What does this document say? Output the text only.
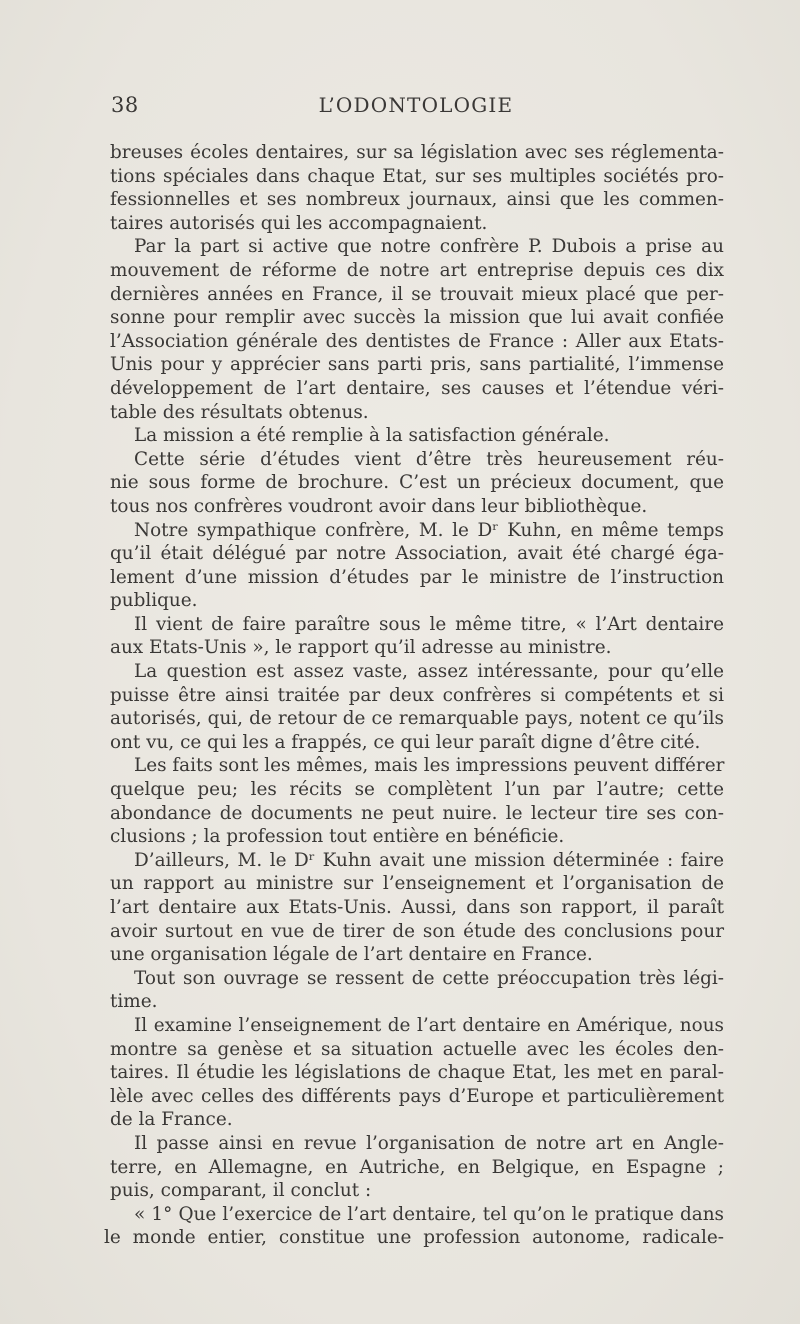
38	L’ODONTOLOGIE
breuses écoles dentaires, sur sa législation avec ses réglementa-
tions spéciales dans chaque Etat, sur ses multiples sociétés pro-
fessionnelles et ses nombreux journaux, ainsi que les commen-
taires autorisés qui les accompagnaient.
Par la part si active que notre confrère P. Dubois a prise au
mouvement de réforme de notre art entreprise depuis ces dix
dernières années en France, il se trouvait mieux placé que per-
sonne pour remplir avec succès la mission que lui avait confiée
l’Association générale des dentistes de France : Aller aux Etats-
Unis pour y apprécier sans parti pris, sans partialité, l’immense
développement de l’art dentaire, ses causes et l’étendue véri-
table des résultats obtenus.
La mission a été remplie à la satisfaction générale.
Cette série d’études vient d’être très heureusement réu-
nie sous forme de brochure. C’est un précieux document, que
tous nos confrères voudront avoir dans leur bibliothèque.
Notre sympathique confrère, M. le Dʳ Kuhn, en même temps
qu’il était délégué par notre Association, avait été chargé éga-
lement d’une mission d’études par le ministre de l’instruction
publique.
Il vient de faire paraître sous le même titre, « l’Art dentaire
aux Etats-Unis », le rapport qu’il adresse au ministre.
La question est assez vaste, assez intéressante, pour qu’elle
puisse être ainsi traitée par deux confrères si compétents et si
autorisés, qui, de retour de ce remarquable pays, notent ce qu’ils
ont vu, ce qui les a frappés, ce qui leur paraît digne d’être cité.
Les faits sont les mêmes, mais les impressions peuvent différer
quelque peu; les récits se complètent l’un par l’autre; cette
abondance de documents ne peut nuire. le lecteur tire ses con-
clusions ; la profession tout entière en bénéficie.
D’ailleurs, M. le Dʳ Kuhn avait une mission déterminée : faire
un rapport au ministre sur l’enseignement et l’organisation de
l’art dentaire aux Etats-Unis. Aussi, dans son rapport, il paraît
avoir surtout en vue de tirer de son étude des conclusions pour
une organisation légale de l’art dentaire en France.
Tout son ouvrage se ressent de cette préoccupation très légi-
time.
Il examine l’enseignement de l’art dentaire en Amérique, nous
montre sa genèse et sa situation actuelle avec les écoles den-
taires. Il étudie les législations de chaque Etat, les met en paral-
lèle avec celles des différents pays d’Europe et particulièrement
de la France.
Il passe ainsi en revue l’organisation de notre art en Angle-
terre, en Allemagne, en Autriche, en Belgique, en Espagne ;
puis, comparant, il conclut :
« 1° Que l’exercice de l’art dentaire, tel qu’on le pratique dans
le monde entier, constitue une profession autonome, radicale-
